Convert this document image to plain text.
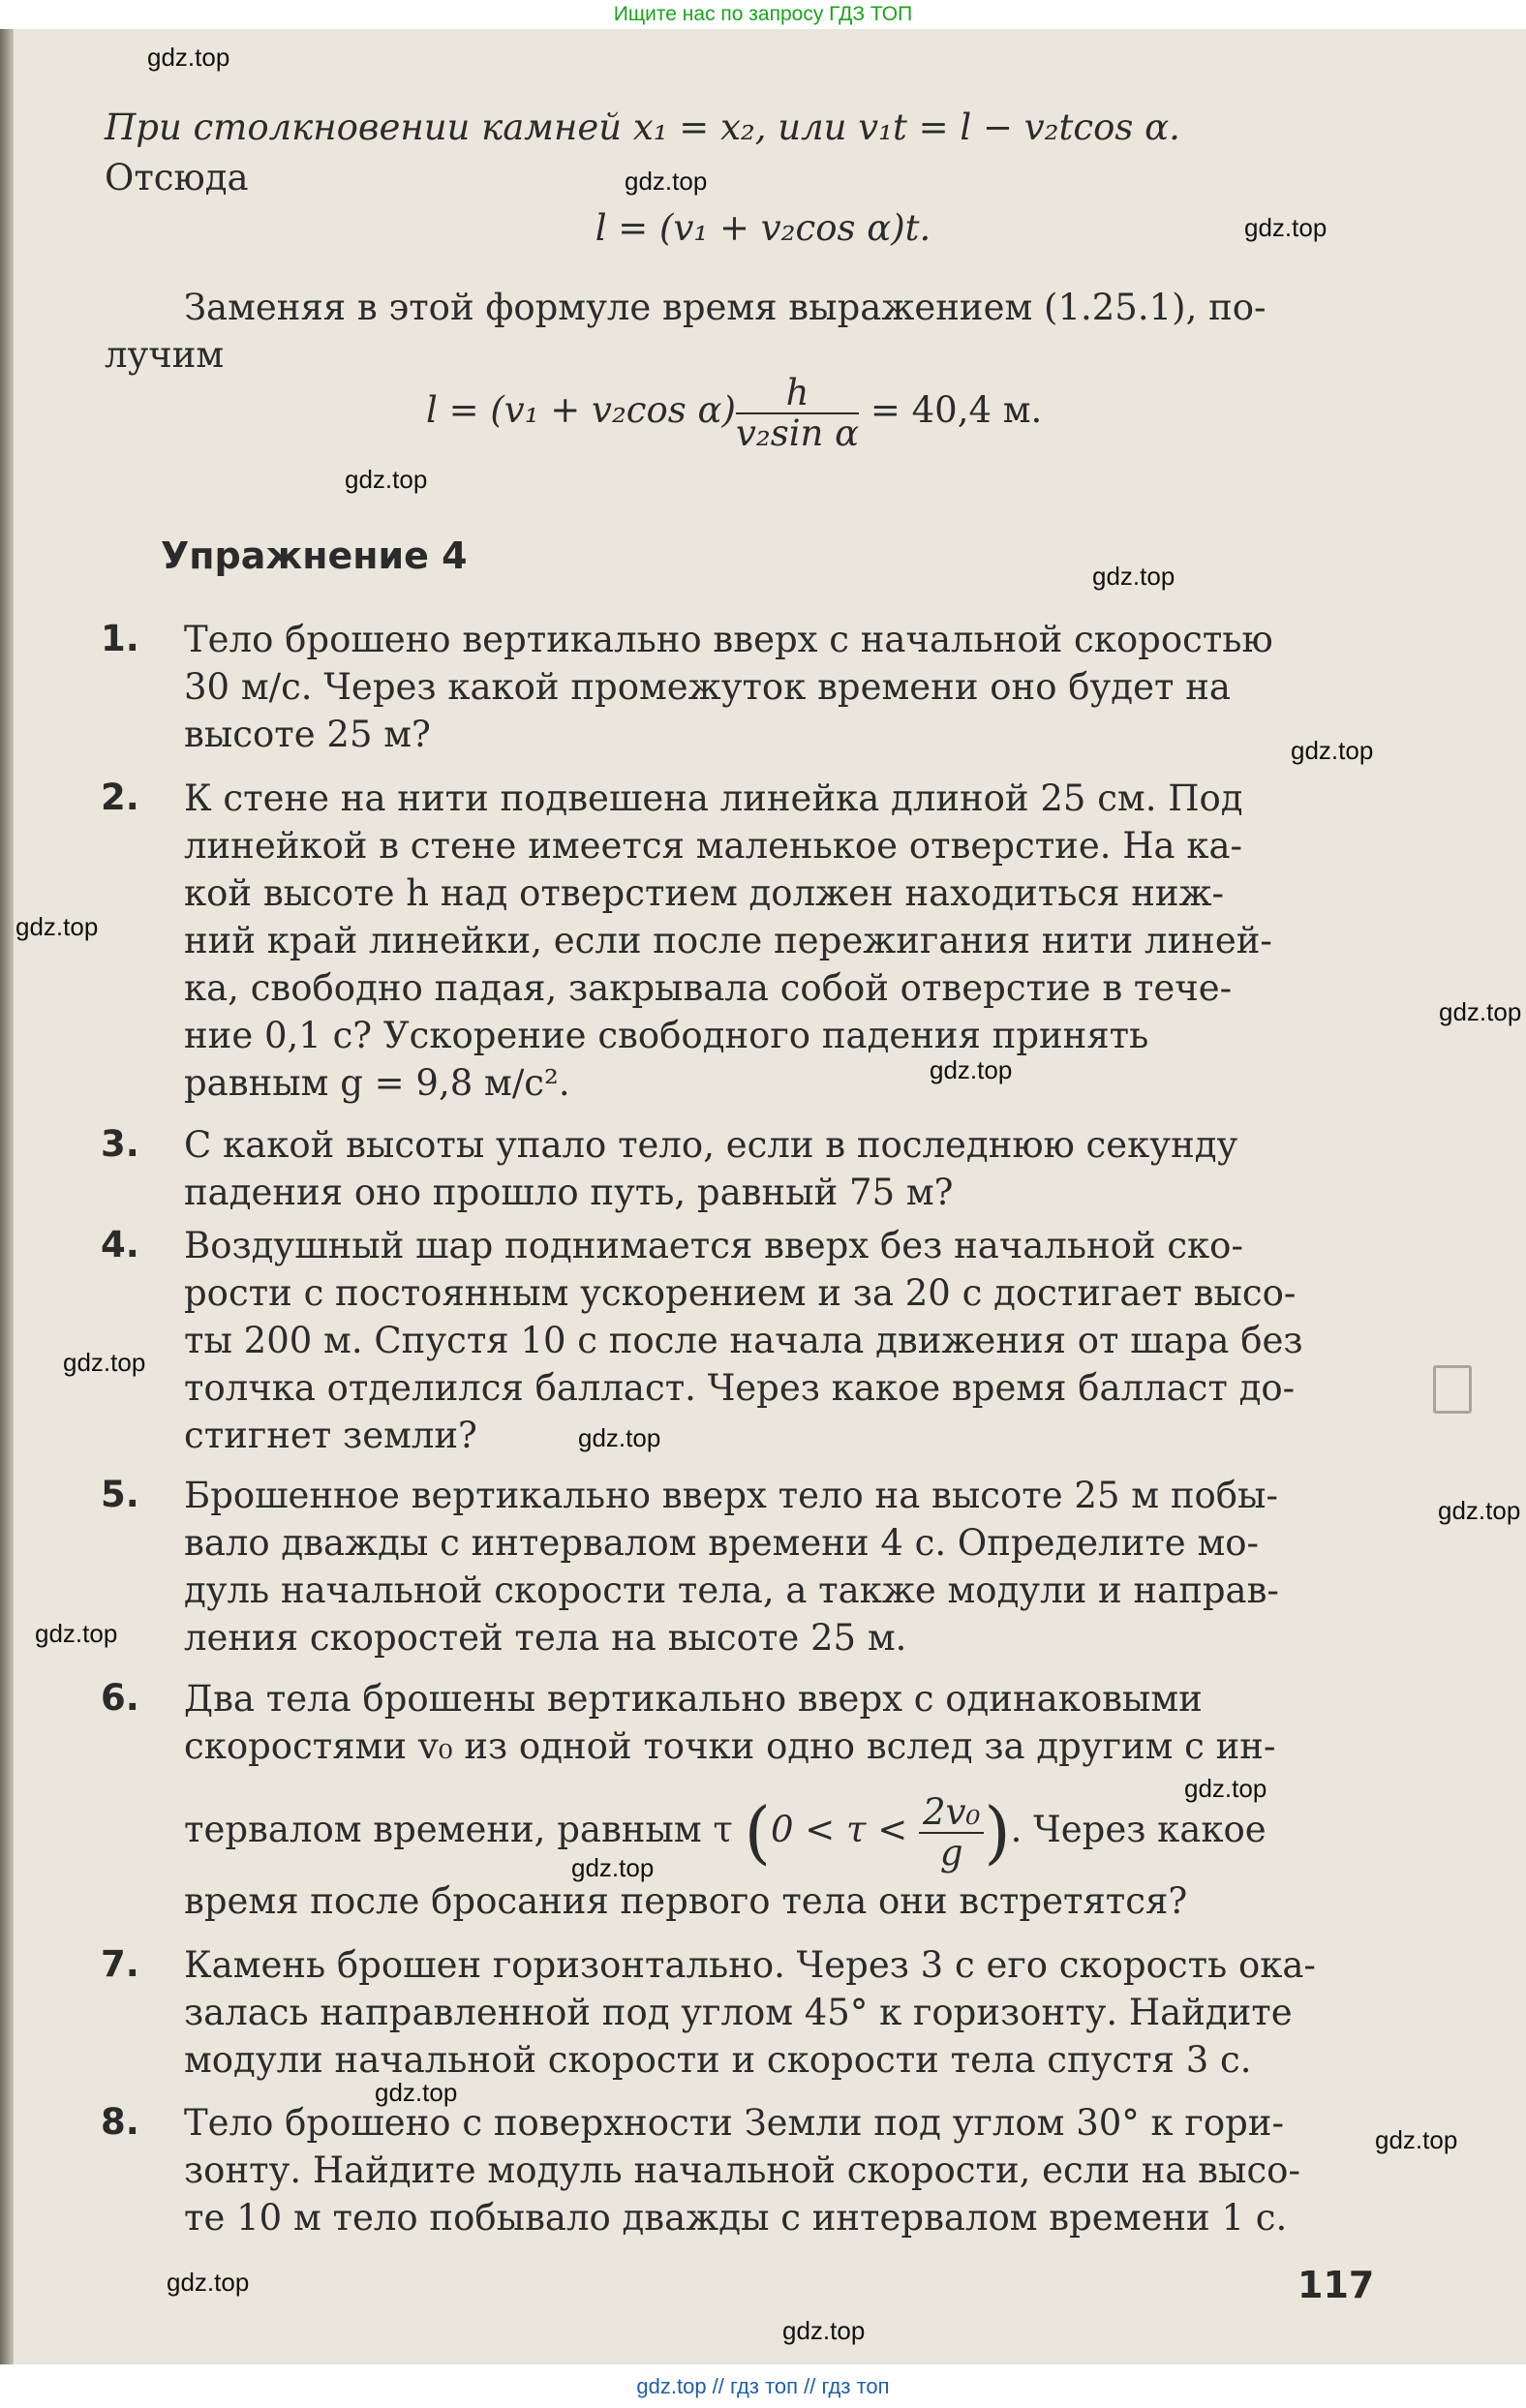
Ищите нас по запросу ГДЗ ТОП
При столкновении камней x₁ = x₂, или v₁t = l − v₂tcos α.
Отсюда
l = (v₁ + v₂cos α)t.
Заменяя в этой формуле время выражением (1.25.1), по-
лучим
l = (v₁ + v₂cos $\alpha) \frac{h}{\text{v₂sin α}} = 40,4$ м.
Упражнение 4
1.	Тело брошено вертикально вверх с начальной скоростью
30 м/с. Через какой промежуток времени оно будет на
высоте 25 м?
2.	К стене на нити подвешена линейка длиной 25 см. Под
линейкой в стене имеется маленькое отверстие. На ка-
кой высоте h над отверстием должен находиться ниж-
ний край линейки, если после пережигания нити линей-
ка, свободно падая, закрывала собой отверстие в тече-
ние 0,1 с? Ускорение свободного падения принять
равным g = 9,8 м/с².
3.	С какой высоты упало тело, если в последнюю секунду
падения оно прошло путь, равный 75 м?
4.	Воздушный шар поднимается вверх без начальной ско-
рости с постоянным ускорением и за 20 с достигает высо-
ты 200 м. Спустя 10 с после начала движения от шара без
толчка отделился балласт. Через какое время балласт до-
стигнет земли?
5.	Брошенное вертикально вверх тело на высоте 25 м побы-
вало дважды с интервалом времени 4 с. Определите мо-
дуль начальной скорости тела, а также модули и направ-
ления скоростей тела на высоте 25 м.
6.	Два тела брошены вертикально вверх с одинаковыми
скоростями v₀ из одной точки одно вслед за другим с ин-
тервалом времени, равным τ ($0 < \tau < \frac{\text{2v₀}}{g}$ ). Через какое
время после бросания первого тела они встретятся?
7.	Камень брошен горизонтально. Через 3 с его скорость ока-
залась направленной под углом 45° к горизонту. Найдите
модули начальной скорости и скорости тела спустя 3 с.
8.	Тело брошено с поверхности Земли под углом 30° к гори-
зонту. Найдите модуль начальной скорости, если на высо-
те 10 м тело побывало дважды с интервалом времени 1 с.
117
gdz.top
gdz.top
gdz.top
gdz.top
gdz.top
gdz.top
gdz.top
gdz.top
gdz.top
gdz.top
gdz.top
gdz.top
gdz.top
gdz.top
gdz.top
gdz.top
gdz.top
gdz.top
gdz.top
gdz.top // гдз топ // гдз топ
